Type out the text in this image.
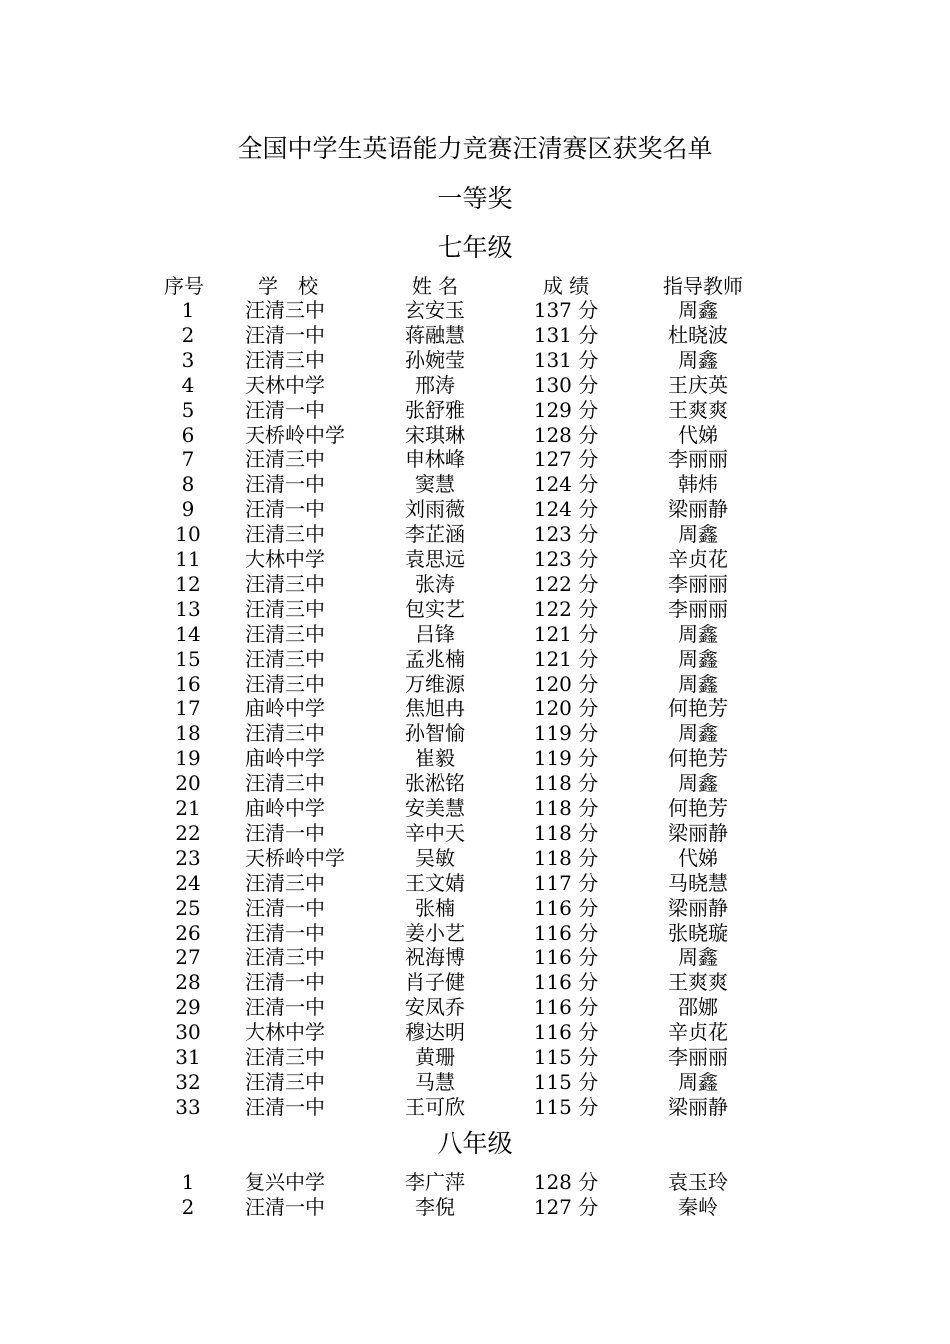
全国中学生英语能力竞赛汪清赛区获奖名单
一等奖
七年级
序号	学　校	姓 名	成 绩	指导教师
1	汪清三中	玄安玉	137 分	周鑫
2	汪清一中	蒋融慧	131 分	杜晓波
3	汪清三中	孙婉莹	131 分	周鑫
4	天林中学	邢涛	130 分	王庆英
5	汪清一中	张舒雅	129 分	王爽爽
6	天桥岭中学	宋琪琳	128 分	代娣
7	汪清三中	申林峰	127 分	李丽丽
8	汪清一中	窦慧	124 分	韩炜
9	汪清一中	刘雨薇	124 分	梁丽静
10	汪清三中	李芷涵	123 分	周鑫
11	大林中学	袁思远	123 分	辛贞花
12	汪清三中	张涛	122 分	李丽丽
13	汪清三中	包实艺	122 分	李丽丽
14	汪清三中	吕锋	121 分	周鑫
15	汪清三中	孟兆楠	121 分	周鑫
16	汪清三中	万维源	120 分	周鑫
17	庙岭中学	焦旭冉	120 分	何艳芳
18	汪清三中	孙智愉	119 分	周鑫
19	庙岭中学	崔毅	119 分	何艳芳
20	汪清三中	张淞铭	118 分	周鑫
21	庙岭中学	安美慧	118 分	何艳芳
22	汪清一中	辛中天	118 分	梁丽静
23	天桥岭中学	吴敏	118 分	代娣
24	汪清三中	王文婧	117 分	马晓慧
25	汪清一中	张楠	116 分	梁丽静
26	汪清一中	姜小艺	116 分	张晓璇
27	汪清三中	祝海博	116 分	周鑫
28	汪清一中	肖子健	116 分	王爽爽
29	汪清一中	安凤乔	116 分	邵娜
30	大林中学	穆达明	116 分	辛贞花
31	汪清三中	黄珊	115 分	李丽丽
32	汪清三中	马慧	115 分	周鑫
33	汪清一中	王可欣	115 分	梁丽静
八年级
1	复兴中学	李广萍	128 分	袁玉玲
2	汪清一中	李倪	127 分	秦岭
